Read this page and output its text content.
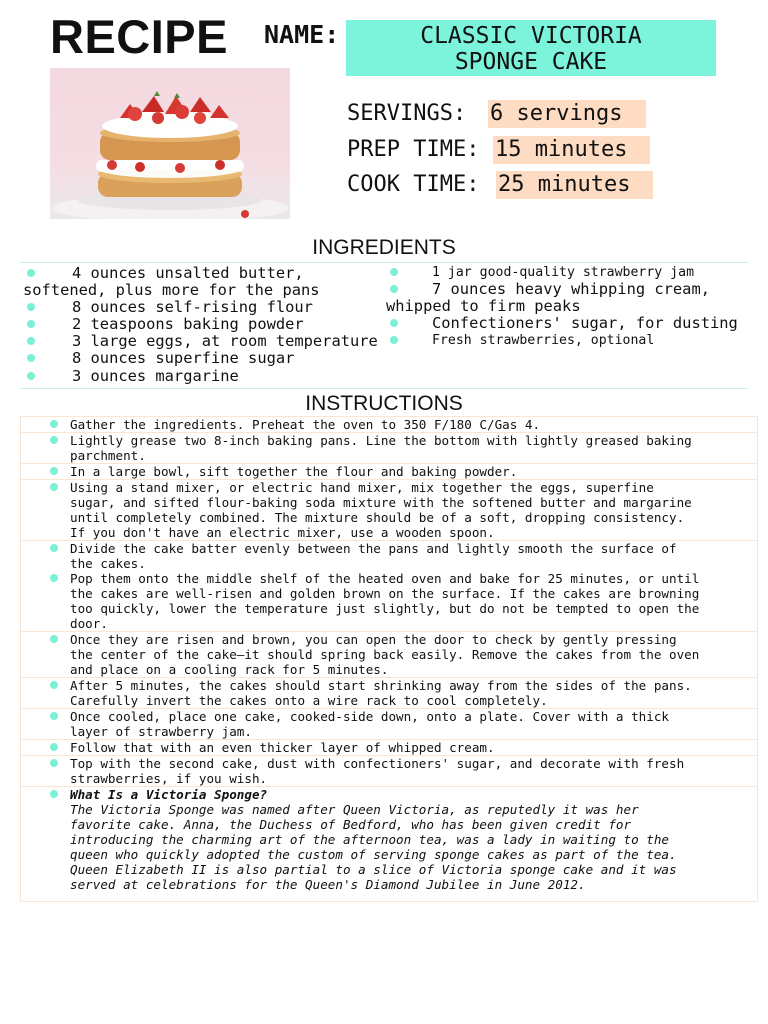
RECIPE NAME:	CLASSIC VICTORIA
SPONGE CAKE
SERVINGS: 6 servings
PREP TIME: 15 minutes
COOK TIME: 25 minutes
INGREDIENTS
4 ounces unsalted butter,
softened, plus more for the pans
8 ounces self-rising flour
2 teaspoons baking powder
3 large eggs, at room temperature
8 ounces superfine sugar
3 ounces margarine
1 jar good-quality strawberry jam
7 ounces heavy whipping cream,
whipped to firm peaks
Confectioners' sugar, for dusting
Fresh strawberries, optional
INSTRUCTIONS
Gather the ingredients. Preheat the oven to 350 F/180 C/Gas 4.

Lightly grease two 8-inch baking pans. Line the bottom with lightly greased baking
parchment.

In a large bowl, sift together the flour and baking powder.

Using a stand mixer, or electric hand mixer, mix together the eggs, superfine
sugar, and sifted flour-baking soda mixture with the softened butter and margarine
until completely combined. The mixture should be of a soft, dropping consistency.
If you don't have an electric mixer, use a wooden spoon.

Divide the cake batter evenly between the pans and lightly smooth the surface of
the cakes.
Pop them onto the middle shelf of the heated oven and bake for 25 minutes, or until
the cakes are well-risen and golden brown on the surface. If the cakes are browning
too quickly, lower the temperature just slightly, but do not be tempted to open the
door.

Once they are risen and brown, you can open the door to check by gently pressing
the center of the cake—it should spring back easily. Remove the cakes from the oven
and place on a cooling rack for 5 minutes.

After 5 minutes, the cakes should start shrinking away from the sides of the pans.
Carefully invert the cakes onto a wire rack to cool completely.

Once cooled, place one cake, cooked-side down, onto a plate. Cover with a thick
layer of strawberry jam.

Follow that with an even thicker layer of whipped cream.

Top with the second cake, dust with confectioners' sugar, and decorate with fresh
strawberries, if you wish.

What Is a Victoria Sponge?
The Victoria Sponge was named after Queen Victoria, as reputedly it was her
favorite cake. Anna, the Duchess of Bedford, who has been given credit for
introducing the charming art of the afternoon tea, was a lady in waiting to the
queen who quickly adopted the custom of serving sponge cakes as part of the tea.
Queen Elizabeth II is also partial to a slice of Victoria sponge cake and it was
served at celebrations for the Queen's Diamond Jubilee in June 2012.
